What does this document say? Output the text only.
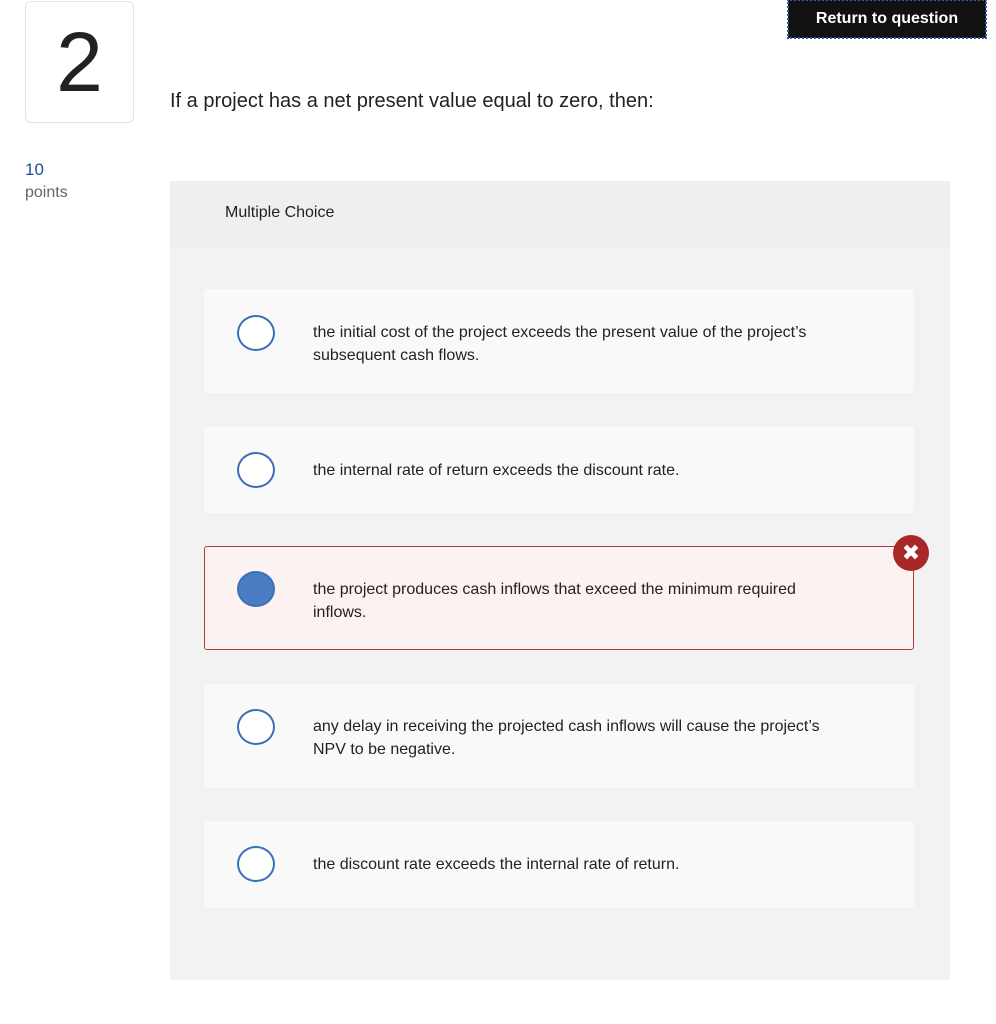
2
10
points
Return to question
If a project has a net present value equal to zero, then:
Multiple Choice
the initial cost of the project exceeds the present value of the project’s subsequent cash flows.
the internal rate of return exceeds the discount rate.
the project produces cash inflows that exceed the minimum required inflows.
✖
any delay in receiving the projected cash inflows will cause the project’s NPV to be negative.
the discount rate exceeds the internal rate of return.
